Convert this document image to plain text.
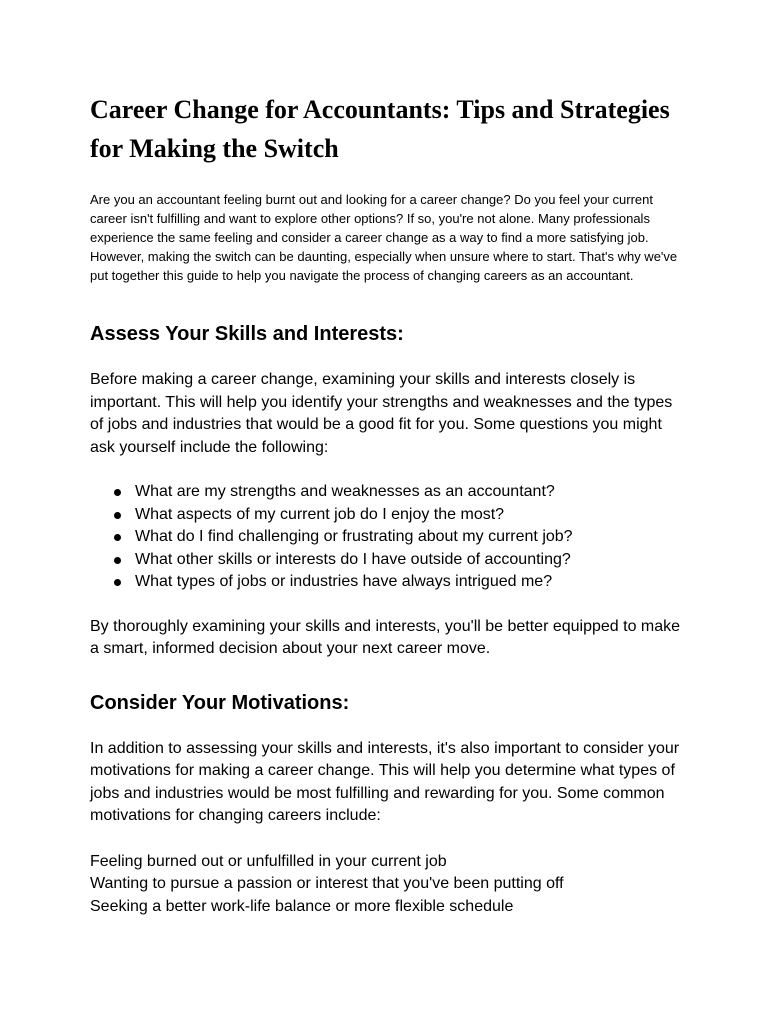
Career Change for Accountants: Tips and Strategies for Making the Switch

Are you an accountant feeling burnt out and looking for a career change? Do you feel your current career isn't fulfilling and want to explore other options? If so, you're not alone. Many professionals experience the same feeling and consider a career change as a way to find a more satisfying job. However, making the switch can be daunting, especially when unsure where to start. That's why we've put together this guide to help you navigate the process of changing careers as an accountant.

Assess Your Skills and Interests:

Before making a career change, examining your skills and interests closely is important. This will help you identify your strengths and weaknesses and the types of jobs and industries that would be a good fit for you. Some questions you might ask yourself include the following:

What are my strengths and weaknesses as an accountant?
What aspects of my current job do I enjoy the most?
What do I find challenging or frustrating about my current job?
What other skills or interests do I have outside of accounting?
What types of jobs or industries have always intrigued me?

By thoroughly examining your skills and interests, you'll be better equipped to make a smart, informed decision about your next career move.

Consider Your Motivations:

In addition to assessing your skills and interests, it's also important to consider your motivations for making a career change. This will help you determine what types of jobs and industries would be most fulfilling and rewarding for you. Some common motivations for changing careers include:

Feeling burned out or unfulfilled in your current job
Wanting to pursue a passion or interest that you've been putting off
Seeking a better work-life balance or more flexible schedule
